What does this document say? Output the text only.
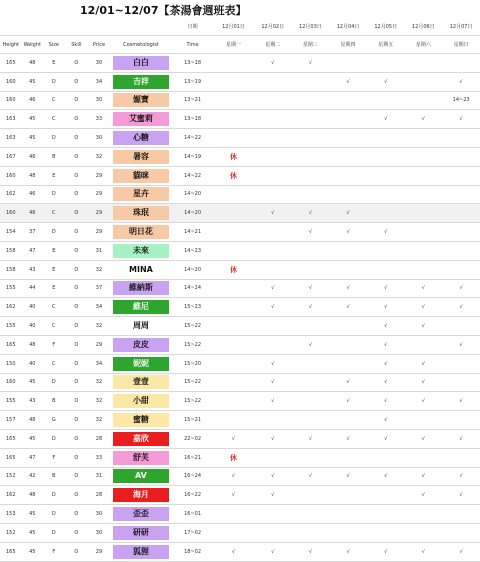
12/01~12/07【茶湯會週班表】
						日期	12月01日	12月02日	12月03日	12月04日	12月05日	12月06日	12月07日
Height	Weight	Size	Skill	Price	Cosmetologist	Time	星期一	星期二	星期三	星期四	星期五	星期六	星期日
165	48	E	O	30	白白	13~18		√	√				
160	45	D	O	34	吉祥	13~19				√	√		√
160	46	C	O	30	嫄寶	13~21							14~23
163	45	C	O	33	艾蜜莉	13~18					√	√	√
163	45	D	O	30	心糖	14~22							
167	46	B	O	32	暑容	14~19	休						
160	48	E	O	29	貓咪	14~22	休						
162	46	D	O	29	星卉	14~20							
160	46	C	O	29	珠珉	14~20		√	√	√			
154	37	D	O	29	明日花	14~21			√	√	√		
158	47	E	O	31	未來	14~23							
158	43	E	O	32	MINA	14~20	休						
155	44	E	O	37	維納斯	14~24		√	√	√	√	√	√
162	40	C	O	34	維尼	15~23		√	√	√	√	√	√
155	40	C	O	32	周周	15~22					√	√	
165	48	F	O	29	皮皮	15~22			√		√		√
150	40	C	O	34	妮妮	15~20		√			√	√	
160	45	D	O	32	壹壹	15~22		√		√	√	√	
155	43	B	O	32	小甜	15~22		√		√	√	√	√
157	48	G	O	32	蜜糖	15~21					√		
165	45	D	O	28	嘉欣	22~02	√	√	√	√	√	√	√
165	47	F	O	33	舒芙	16~21	休						
152	42	B	O	31	AV	16~24	√	√	√	√	√	√	√
162	48	D	O	28	海月	16~22	√	√				√	√
153	45	D	O	30	歪歪	16~01							
152	45	D	O	30	研研	17~02							
165	45	F	O	29	狐狸	18~02	√	√	√	√	√	√	√
